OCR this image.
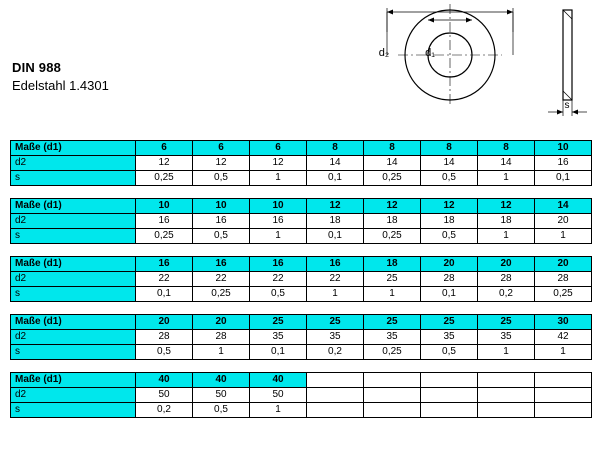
DIN 988
Edelstahl 1.4301
d₂	d₁
s
Maße (d1)	6	6	6	8	8	8	8	10
d2	12	12	12	14	14	14	14	16
s	0,25	0,5	1	0,1	0,25	0,5	1	0,1
Maße (d1)	10	10	10	12	12	12	12	14
d2	16	16	16	18	18	18	18	20
s	0,25	0,5	1	0,1	0,25	0,5	1	1
Maße (d1)	16	16	16	16	18	20	20	20
d2	22	22	22	22	25	28	28	28
s	0,1	0,25	0,5	1	1	0,1	0,2	0,25
Maße (d1)	20	20	25	25	25	25	25	30
d2	28	28	35	35	35	35	35	42
s	0,5	1	0,1	0,2	0,25	0,5	1	1
Maße (d1)	40	40	40					
d2	50	50	50					
s	0,2	0,5	1					
